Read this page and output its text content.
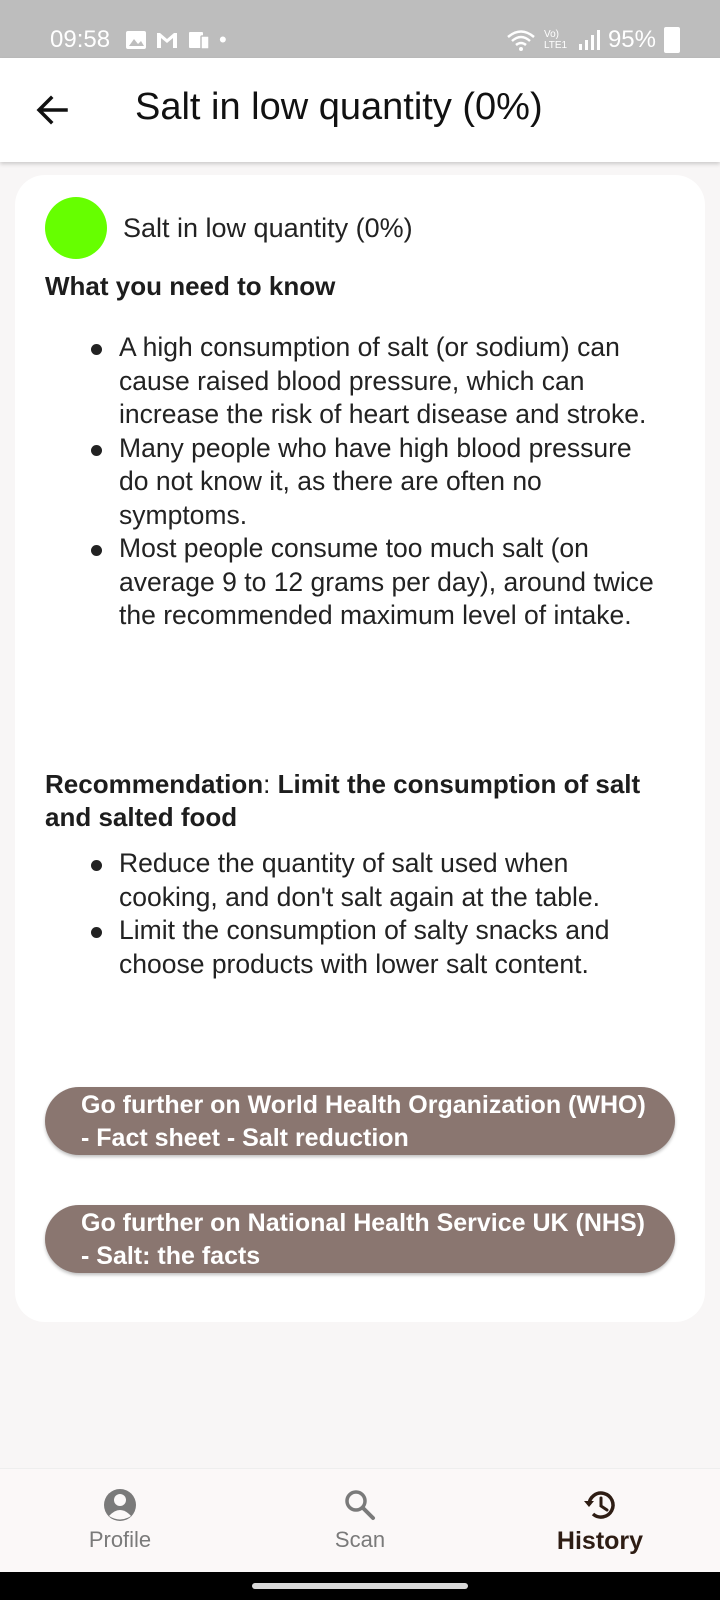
09:58	•	Vo) LTE1 95%
Salt in low quantity (0%)
Salt in low quantity (0%)
What you need to know
A high consumption of salt (or sodium) can cause raised blood pressure, which can increase the risk of heart disease and stroke.
Many people who have high blood pressure do not know it, as there are often no symptoms.
Most people consume too much salt (on average 9 to 12 grams per day), around twice the recommended maximum level of intake.
Recommendation: Limit the consumption of salt and salted food
Reduce the quantity of salt used when cooking, and don't salt again at the table.
Limit the consumption of salty snacks and choose products with lower salt content.
Go further on World Health Organization (WHO) - Fact sheet - Salt reduction
Go further on National Health Service UK (NHS) - Salt: the facts
Profile	Scan	History
